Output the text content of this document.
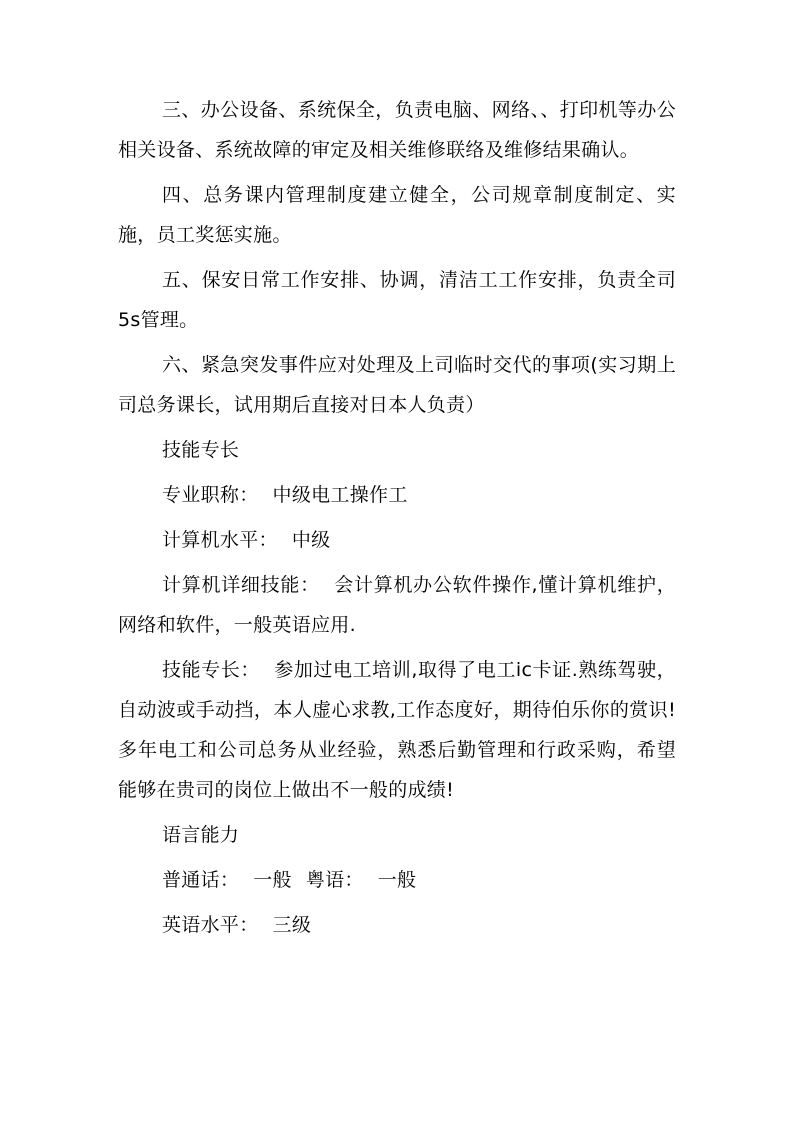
三、办公设备、系统保全，负责电脑、网络、、打印机等办公相关设备、系统故障的审定及相关维修联络及维修结果确认。

四、总务课内管理制度建立健全，公司规章制度制定、实施，员工奖惩实施。

五、保安日常工作安排、协调，清洁工工作安排，负责全司5s管理。

六、紧急突发事件应对处理及上司临时交代的事项(实习期上司总务课长，试用期后直接对日本人负责）

技能专长

专业职称： 中级电工操作工

计算机水平： 中级

计算机详细技能： 会计算机办公软件操作,懂计算机维护，网络和软件，一般英语应用.

技能专长： 参加过电工培训,取得了电工ic卡证.熟练驾驶，自动波或手动挡，本人虚心求教,工作态度好，期待伯乐你的赏识!多年电工和公司总务从业经验，熟悉后勤管理和行政采购，希望能够在贵司的岗位上做出不一般的成绩!

语言能力

普通话： 一般 粤语： 一般

英语水平： 三级
